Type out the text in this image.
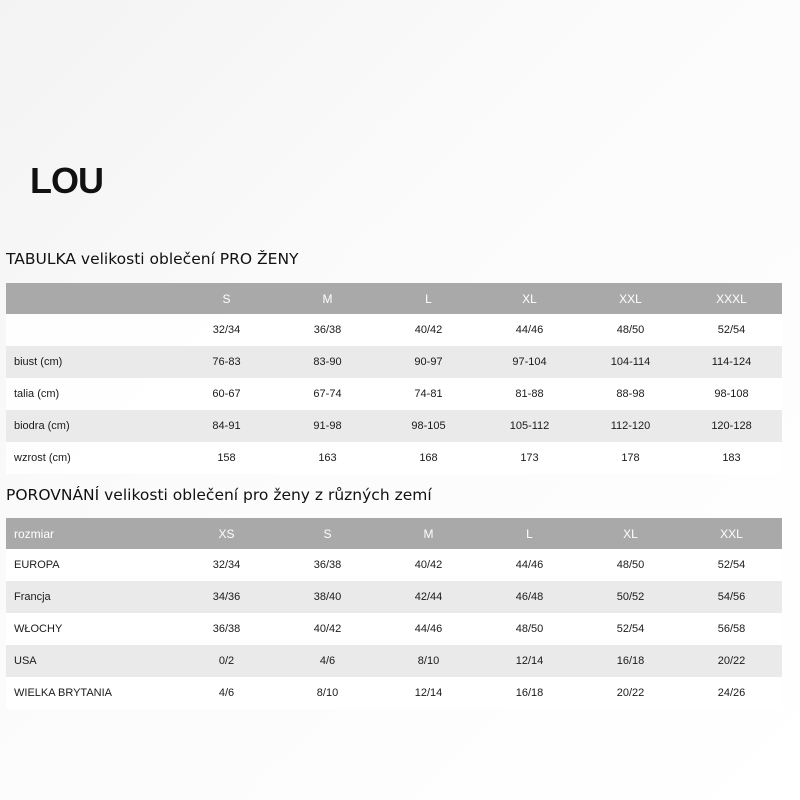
LOU
TABULKA velikosti oblečení PRO ŽENY
	S	M	L	XL	XXL	XXXL
	32/34	36/38	40/42	44/46	48/50	52/54
biust (cm)	76-83	83-90	90-97	97-104	104-114	114-124
talia (cm)	60-67	67-74	74-81	81-88	88-98	98-108
biodra (cm)	84-91	91-98	98-105	105-112	112-120	120-128
wzrost (cm)	158	163	168	173	178	183
POROVNÁNÍ velikosti oblečení pro ženy z různých zemí
rozmiar	XS	S	M	L	XL	XXL
EUROPA	32/34	36/38	40/42	44/46	48/50	52/54
Francja	34/36	38/40	42/44	46/48	50/52	54/56
WŁOCHY	36/38	40/42	44/46	48/50	52/54	56/58
USA	0/2	4/6	8/10	12/14	16/18	20/22
WIELKA BRYTANIA	4/6	8/10	12/14	16/18	20/22	24/26
